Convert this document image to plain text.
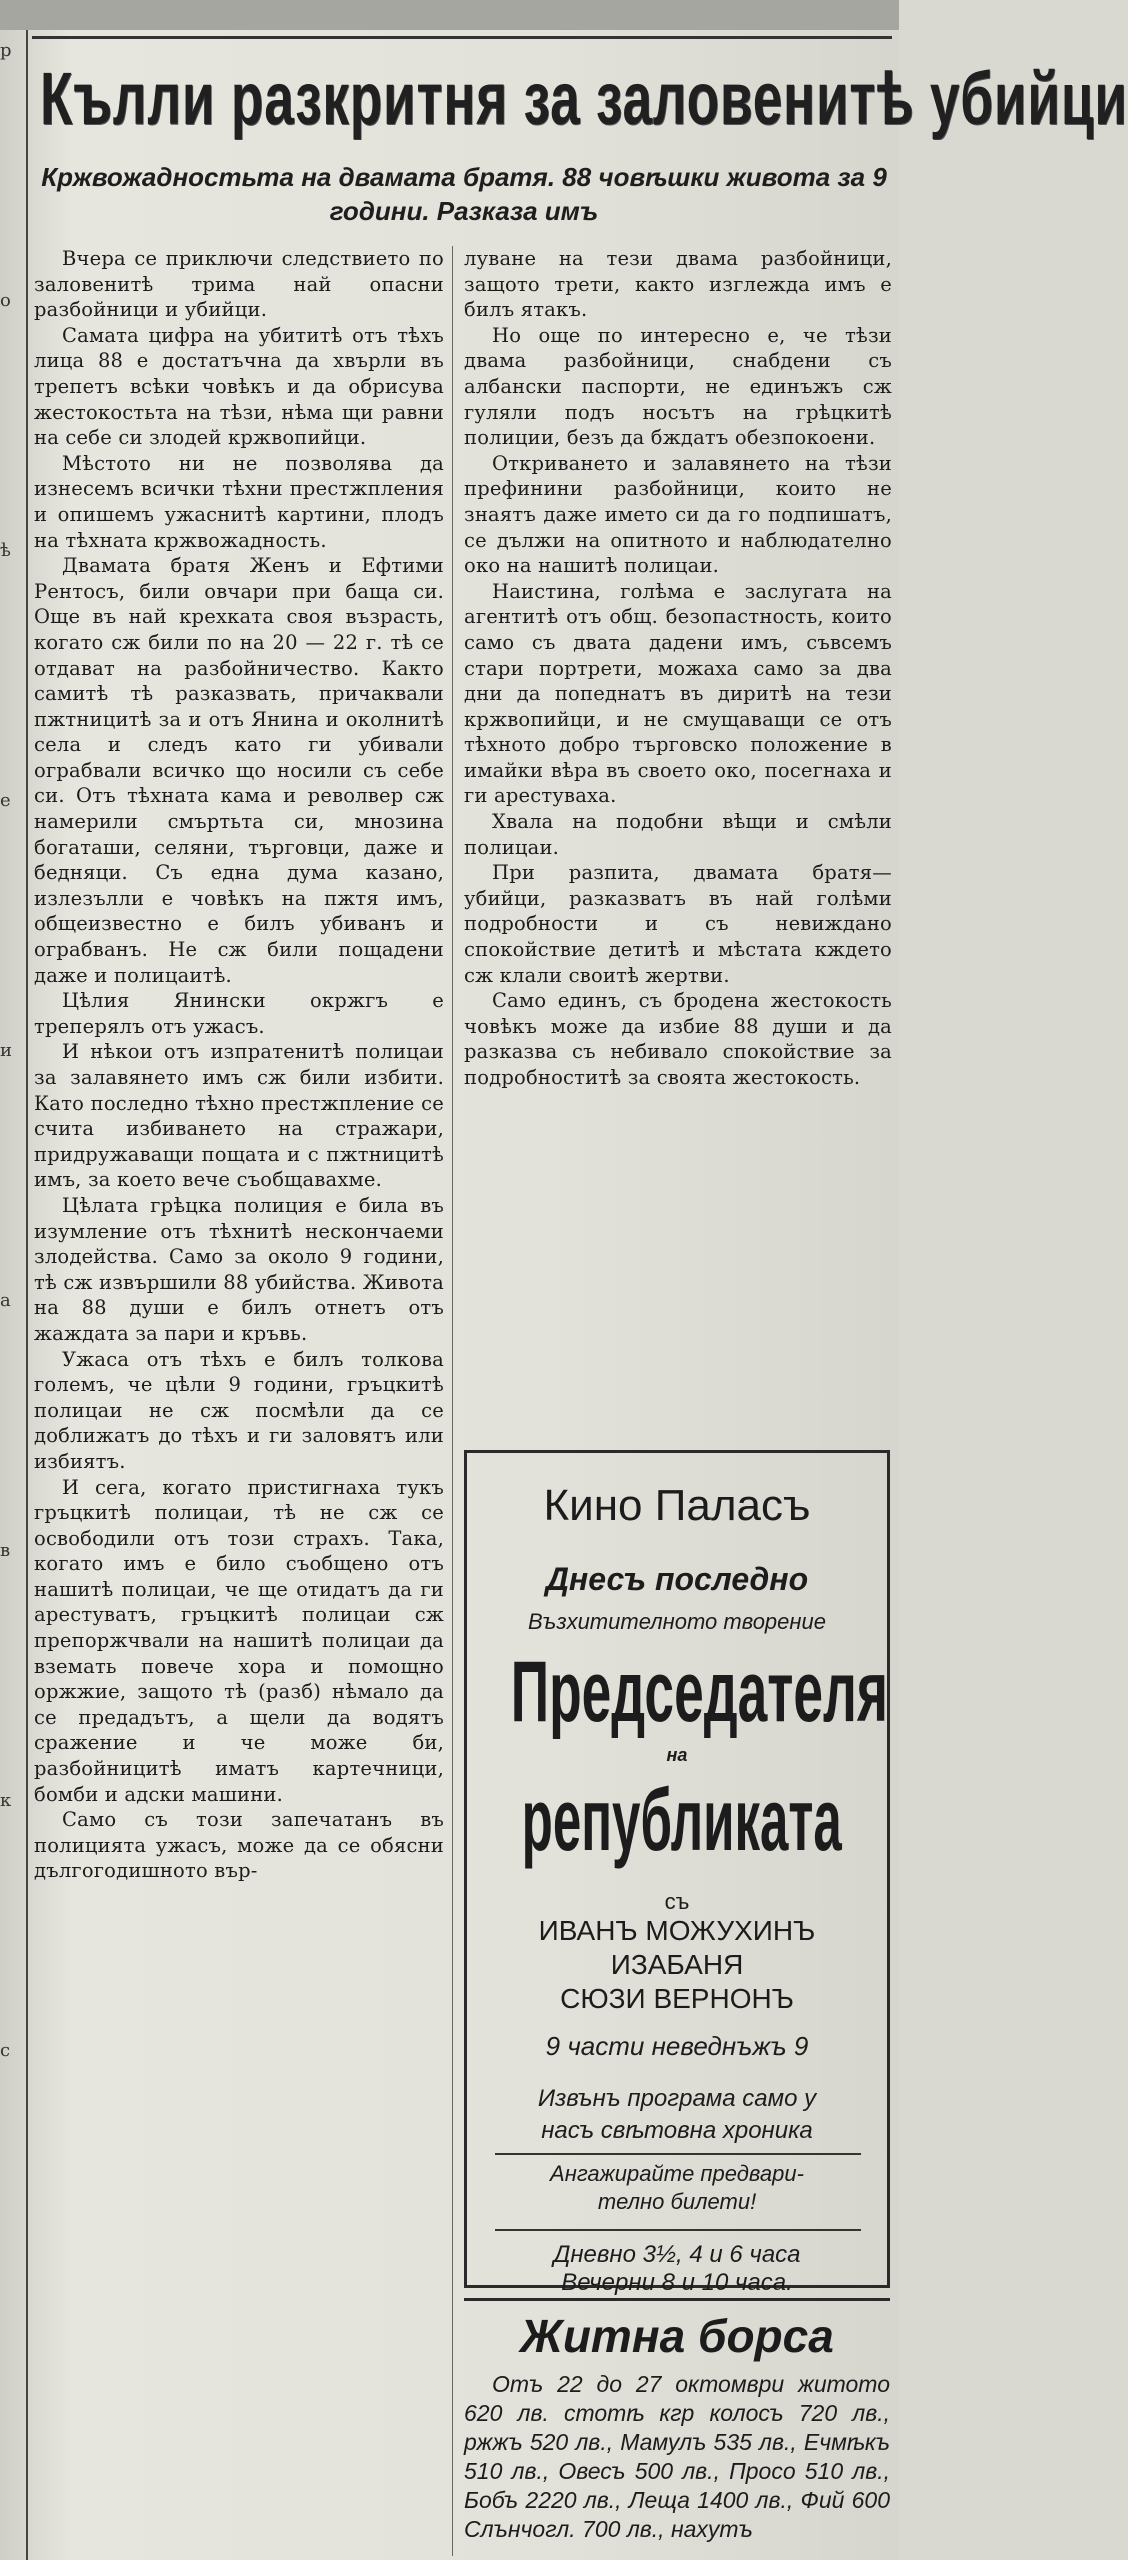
р
о
ѣ
е
и
а
в
к
с
Кълли разкритня за заловенитѣ убийци
Кржвожадностьта на двамата братя. 88 човѣшки живота за 9 години. Разказа имъ

Вчера се приключи следствието по заловенитѣ трима най опасни разбойници и убийци.

Самата цифра на убититѣ отъ тѣхъ лица 88 е достатъчна да хвърли въ трепетъ всѣки човѣкъ и да обрисува жестокостьта на тѣзи, нѣма щи равни на себе си злодей кржвопийци.

Мѣстото ни не позволява да изнесемъ всички тѣхни престжпления и опишемъ ужаснитѣ картини, плодъ на тѣхната кржвожадность.

Двамата братя Женъ и Ефтими Рентосъ, били овчари при баща си. Още въ най крехката своя възрасть, когато сж били по на 20 — 22 г. тѣ се отдават на разбойничество. Както самитѣ тѣ разказвать, причаквали пжтницитѣ за и отъ Янина и околнитѣ села и следъ като ги убивали ограбвали всичко що носили съ себе си. Отъ тѣхната кама и револвер сж намерили смъртьта си, мнозина богаташи, селяни, търговци, даже и бедняци. Съ една дума казано, излезълли е човѣкъ на пжтя имъ, общеизвестно е билъ убиванъ и ограбванъ. Не сж били пощадени даже и полицаитѣ.

Цѣлия Янински окржгъ е треперялъ отъ ужасъ.

И нѣкои отъ изпратенитѣ полицаи за залавянето имъ сж били избити. Като последно тѣхно престжпление се счита избиването на стражари, придружаващи пощата и с пжтницитѣ имъ, за което вече съобщавахме.

Цѣлата грѣцка полиция е била въ изумление отъ тѣхнитѣ нескончаеми злодейства. Само за около 9 години, тѣ сж извършили 88 убийства. Живота на 88 души е билъ отнетъ отъ жаждата за пари и кръвь.

Ужаса отъ тѣхъ е билъ толкова големъ, че цѣли 9 години, гръцкитѣ полицаи не сж посмѣли да се доближатъ до тѣхъ и ги заловятъ или избиятъ.

И сега, когато пристигнаха тукъ гръцкитѣ полицаи, тѣ не сж се освободили отъ този страхъ. Така, когато имъ е било съобщено отъ нашитѣ полицаи, че ще отидатъ да ги арестуватъ, гръцкитѣ полицаи сж препоржчвали на нашитѣ полицаи да вземать повече хора и помощно оржжие, защото тѣ (разб) нѣмало да се предадътъ, а щели да водятъ сражение и че може би, разбойницитѣ иматъ картечници, бомби и адски машини.

Само съ този запечатанъ въ полицията ужасъ, може да се обясни дългогодишното вър-

луване на тези двама разбойници, защото трети, както изглежда имъ е билъ ятакъ.

Но още по интересно е, че тѣзи двама разбойници, снабдени съ албански паспорти, не единъжъ сж гуляли подъ носътъ на грѣцкитѣ полиции, безъ да бждатъ обезпокоени.

Откриването и залавянето на тѣзи префинини разбойници, които не знаятъ даже името си да го подпишатъ, се дължи на опитното и наблюдателно око на нашитѣ полицаи.

Наистина, голѣма е заслугата на агентитѣ отъ общ. безопастность, които само съ двата дадени имъ, съвсемъ стари портрети, можаха само за два дни да попеднатъ въ диритѣ на тези кржвопийци, и не смущаващи се отъ тѣхното добро търговско положение в имайки вѣра въ своето око, посегнаха и ги арестуваха.

Хвала на подобни вѣщи и смѣли полицаи.

При разпита, двамата братя—убийци, разказватъ въ най голѣми подробности и съ невиждано спокойствие детитѣ и мѣстата кждето сж клали своитѣ жертви.

Само единъ, съ бродена жестокость човѣкъ може да избие 88 души и да разказва съ небивало спокойствие за подробноститѣ за своята жестокость.

Кино Паласъ
Днесъ последно
Възхитителното творение
Председателя
на
републиката
съ
ИВАНЪ МОЖУХИНЪ
ИЗАБАНЯ
СЮЗИ ВЕРНОНЪ
9 части неведнъжъ 9
Извънъ програма само у
насъ свѣтовна хроника
Ангажирайте предвари-
телно билети!
Дневно 3½, 4 и 6 часа
Вечерни 8 и 10 часа.
Житна борса

Отъ 22 до 27 октомври житото 620 лв. стотѣ кгр колосъ 720 лв., ржжъ 520 лв., Мамулъ 535 лв., Ечмѣкъ 510 лв., Овесъ 500 лв., Просо 510 лв., Бобъ 2220 лв., Леща 1400 лв., Фий 600 Слънчогл. 700 лв., нахутъ
